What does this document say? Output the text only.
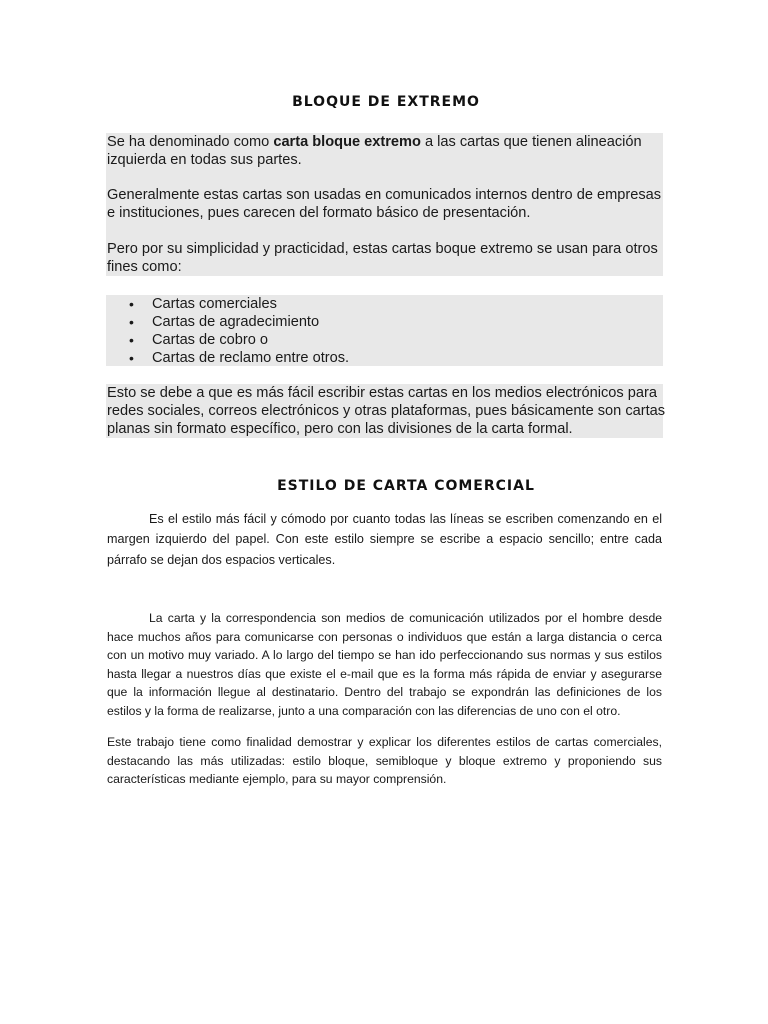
BLOQUE DE EXTREMO

Se ha denominado como carta bloque extremo a las cartas que tienen alineación izquierda en todas sus partes.

Generalmente estas cartas son usadas en comunicados internos dentro de empresas e instituciones, pues carecen del formato básico de presentación.

Pero por su simplicidad y practicidad, estas cartas boque extremo se usan para otros fines como:

• Cartas comerciales
• Cartas de agradecimiento
• Cartas de cobro o
• Cartas de reclamo entre otros.

Esto se debe a que es más fácil escribir estas cartas en los medios electrónicos para redes sociales, correos electrónicos y otras plataformas, pues básicamente son cartas planas sin formato específico, pero con las divisiones de la carta formal.

ESTILO DE CARTA COMERCIAL

Es el estilo más fácil y cómodo por cuanto todas las líneas se escriben comenzando en el margen izquierdo del papel. Con este estilo siempre se escribe a espacio sencillo; entre cada párrafo se dejan dos espacios verticales.

La carta y la correspondencia son medios de comunicación utilizados por el hombre desde hace muchos años para comunicarse con personas o individuos que están a larga distancia o cerca con un motivo muy variado. A lo largo del tiempo se han ido perfeccionando sus normas y sus estilos hasta llegar a nuestros días que existe el e-mail que es la forma más rápida de enviar y asegurarse que la información llegue al destinatario. Dentro del trabajo se expondrán las definiciones de los estilos y la forma de realizarse, junto a una comparación con las diferencias de uno con el otro.

Este trabajo tiene como finalidad demostrar y explicar los diferentes estilos de cartas comerciales, destacando las más utilizadas: estilo bloque, semibloque y bloque extremo y proponiendo sus características mediante ejemplo, para su mayor comprensión.
